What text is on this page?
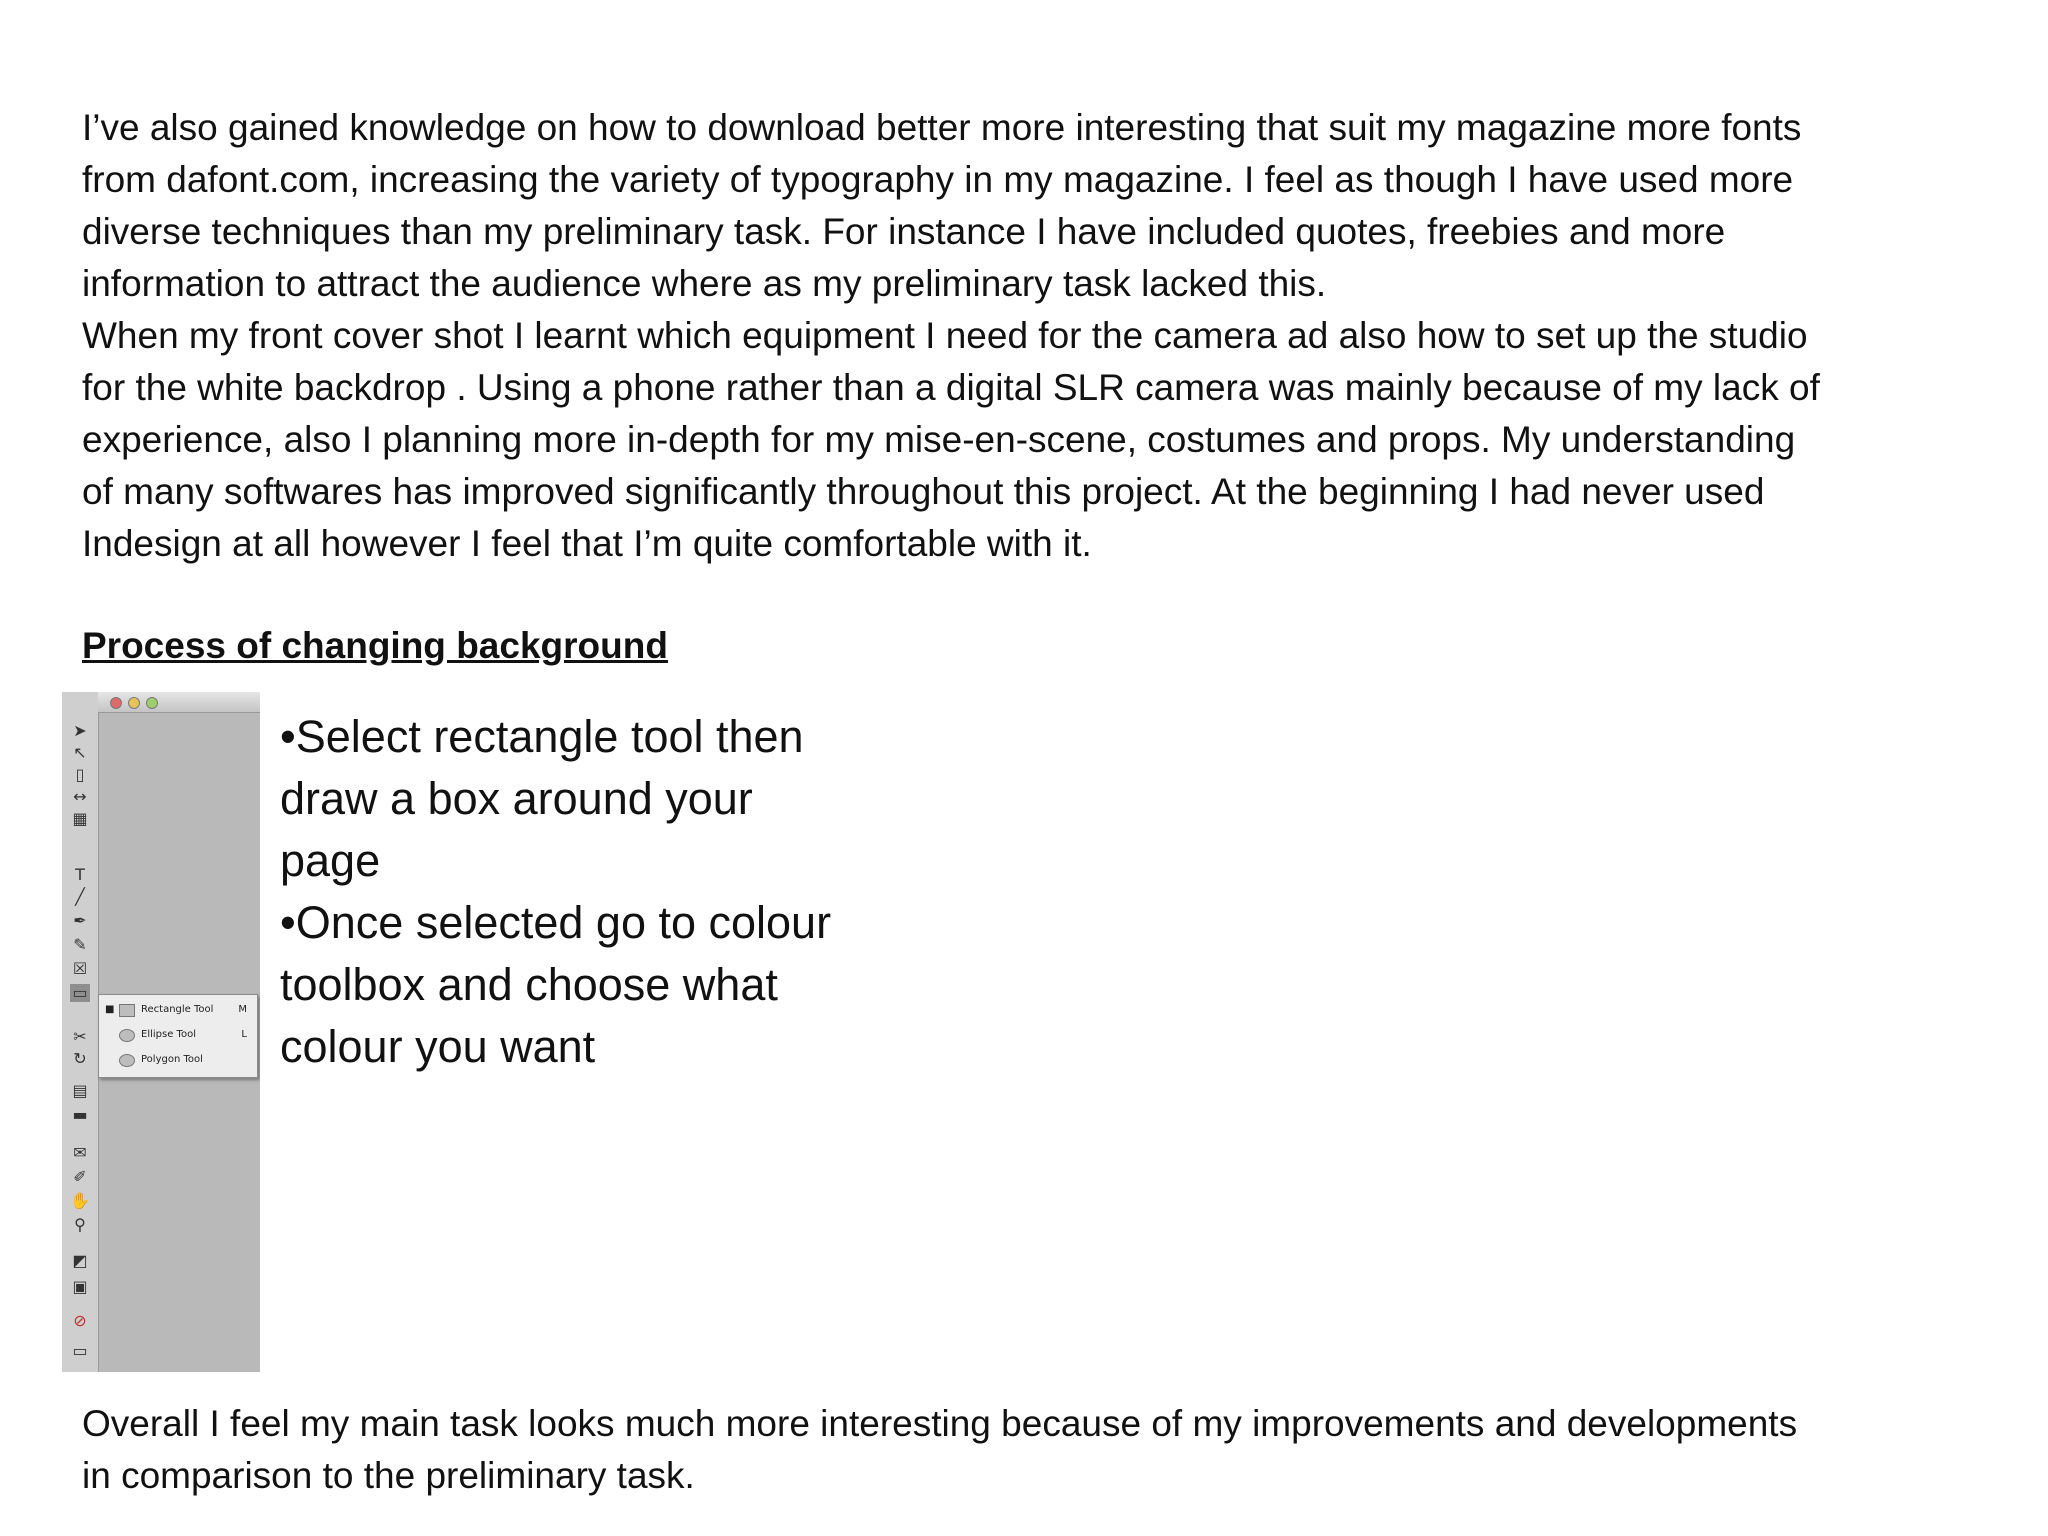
I’ve also gained knowledge on how to download better more interesting that suit my magazine more fonts
from dafont.com, increasing the variety of typography in my magazine. I feel as though I have used more
diverse techniques than my preliminary task. For instance I have included quotes, freebies and more
information to attract the audience where as my preliminary task lacked this.
When my front cover shot I learnt which equipment I need for the camera ad also how to set up the studio
for the white backdrop . Using a phone rather than a digital SLR camera was mainly because of my lack of
experience, also I planning more in-depth for my mise-en-scene, costumes and props. My understanding
of many softwares has improved significantly throughout this project. At the beginning I had never used
Indesign at all however I feel that I’m quite comfortable with it.

Process of changing background

➤
↖
▯
↔
▦
T
╱
✒
✎
☒
▭
✂
↻
▤
▬
✉
✐
✋
⚲
◩
▣
⊘
▭
■	Rectangle Tool M
Ellipse Tool	L
Polygon Tool

•Select rectangle tool then
draw a box around your
page
•Once selected go to colour
toolbox and choose what
colour you want

Overall I feel my main task looks much more interesting because of my improvements and developments
in comparison to the preliminary task.
